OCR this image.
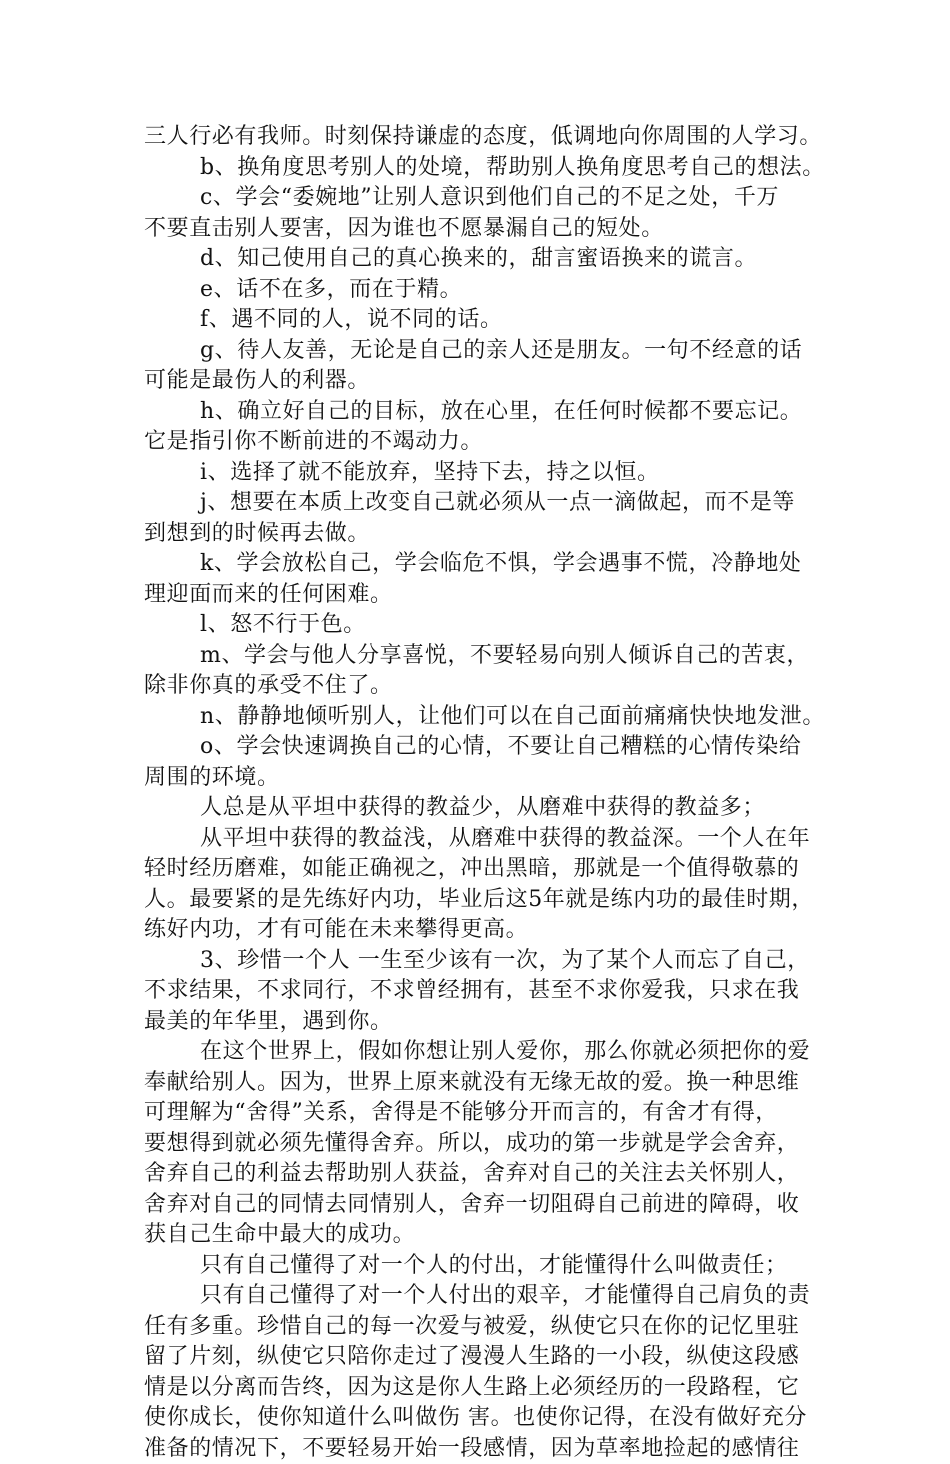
三人行必有我师。时刻保持谦虚的态度，低调地向你周围的人学习。
b、换角度思考别人的处境，帮助别人换角度思考自己的想法。
c、学会“委婉地”让别人意识到他们自己的不足之处，千万
不要直击别人要害，因为谁也不愿暴漏自己的短处。
d、知己使用自己的真心换来的，甜言蜜语换来的谎言。
e、话不在多，而在于精。
f、遇不同的人，说不同的话。
g、待人友善，无论是自己的亲人还是朋友。一句不经意的话
可能是最伤人的利器。
h、确立好自己的目标，放在心里，在任何时候都不要忘记。
它是指引你不断前进的不竭动力。
i、选择了就不能放弃，坚持下去，持之以恒。
j、想要在本质上改变自己就必须从一点一滴做起，而不是等
到想到的时候再去做。
k、学会放松自己，学会临危不惧，学会遇事不慌，冷静地处
理迎面而来的任何困难。
l、怒不行于色。
m、学会与他人分享喜悦，不要轻易向别人倾诉自己的苦衷，
除非你真的承受不住了。
n、静静地倾听别人，让他们可以在自己面前痛痛快快地发泄。
o、学会快速调换自己的心情，不要让自己糟糕的心情传染给
周围的环境。
人总是从平坦中获得的教益少，从磨难中获得的教益多；
从平坦中获得的教益浅，从磨难中获得的教益深。一个人在年
轻时经历磨难，如能正确视之，冲出黑暗，那就是一个值得敬慕的
人。最要紧的是先练好内功，毕业后这5年就是练内功的最佳时期，
练好内功，才有可能在未来攀得更高。
3、珍惜一个人 一生至少该有一次，为了某个人而忘了自己，
不求结果，不求同行，不求曾经拥有，甚至不求你爱我，只求在我
最美的年华里，遇到你。
在这个世界上，假如你想让别人爱你，那么你就必须把你的爱
奉献给别人。因为，世界上原来就没有无缘无故的爱。换一种思维
可理解为“舍得”关系，舍得是不能够分开而言的，有舍才有得，
要想得到就必须先懂得舍弃。所以，成功的第一步就是学会舍弃，
舍弃自己的利益去帮助别人获益，舍弃对自己的关注去关怀别人，
舍弃对自己的同情去同情别人，舍弃一切阻碍自己前进的障碍，收
获自己生命中最大的成功。
只有自己懂得了对一个人的付出，才能懂得什么叫做责任；
只有自己懂得了对一个人付出的艰辛，才能懂得自己肩负的责
任有多重。珍惜自己的每一次爱与被爱，纵使它只在你的记忆里驻
留了片刻，纵使它只陪你走过了漫漫人生路的一小段，纵使这段感
情是以分离而告终，因为这是你人生路上必须经历的一段路程，它
使你成长，使你知道什么叫做伤 害。也使你记得，在没有做好充分
准备的情况下，不要轻易开始一段感情，因为草率地捡起的感情往
